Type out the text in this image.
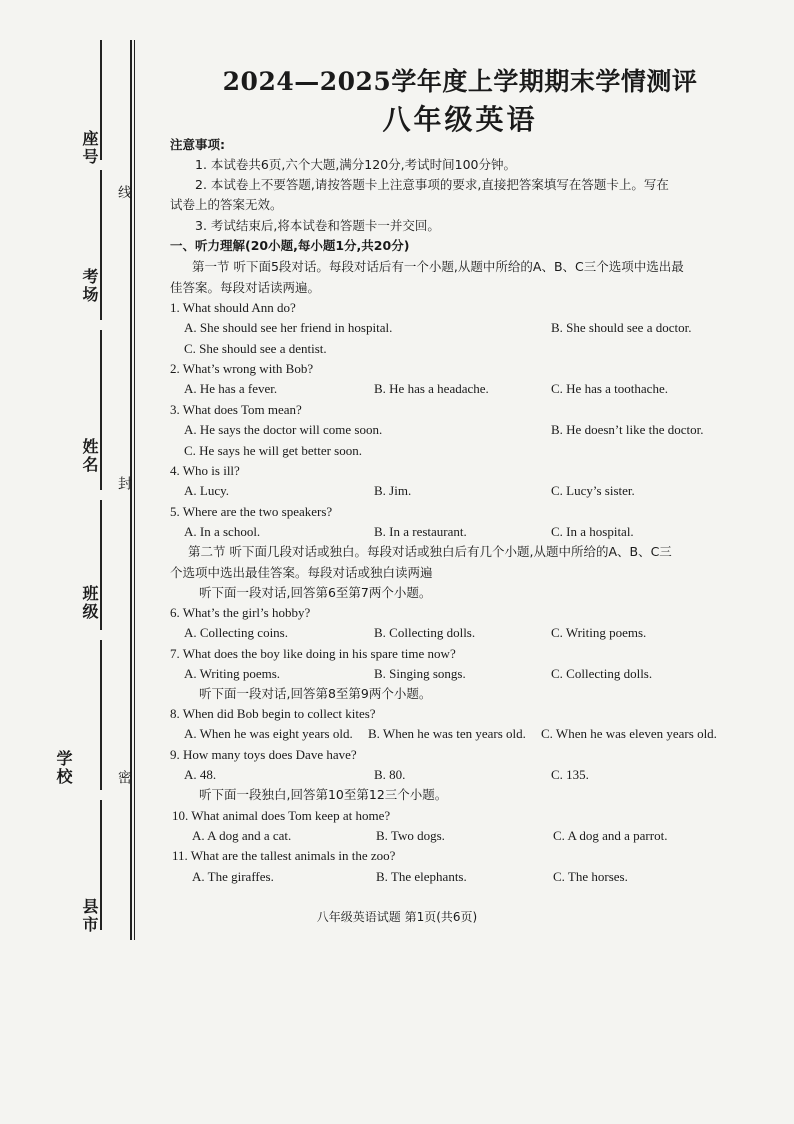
座号
考场
姓名
班级
学校
县市
线
封
密
2024—2025学年度上学期期末学情测评
八年级英语
注意事项:
1. 本试卷共6页,六个大题,满分120分,考试时间100分钟。
2. 本试卷上不要答题,请按答题卡上注意事项的要求,直接把答案填写在答题卡上。写在
试卷上的答案无效。
3. 考试结束后,将本试卷和答题卡一并交回。
一、听力理解(20小题,每小题1分,共20分)
第一节 听下面5段对话。每段对话后有一个小题,从题中所给的A、B、C三个选项中选出最
佳答案。每段对话读两遍。
1. What should Ann do?
A. She should see her friend in hospital.	B. She should see a doctor.
C. She should see a dentist.
2. What’s wrong with Bob?
A. He has a fever.	B. He has a headache.	C. He has a toothache.
3. What does Tom mean?
A. He says the doctor will come soon.	B. He doesn’t like the doctor.
C. He says he will get better soon.
4. Who is ill?
A. Lucy.	B. Jim.	C. Lucy’s sister.
5. Where are the two speakers?
A. In a school.	B. In a restaurant.	C. In a hospital.
第二节 听下面几段对话或独白。每段对话或独白后有几个小题,从题中所给的A、B、C三
个选项中选出最佳答案。每段对话或独白读两遍
听下面一段对话,回答第6至第7两个小题。
6. What’s the girl’s hobby?
A. Collecting coins.	B. Collecting dolls.	C. Writing poems.
7. What does the boy like doing in his spare time now?
A. Writing poems.	B. Singing songs.	C. Collecting dolls.
听下面一段对话,回答第8至第9两个小题。
8. When did Bob begin to collect kites?
A. When he was eight years old. B. When he was ten years old. C. When he was eleven years old.
9. How many toys does Dave have?
A. 48.	B. 80.	C. 135.
听下面一段独白,回答第10至第12三个小题。
10. What animal does Tom keep at home?
A. A dog and a cat.	B. Two dogs.	C. A dog and a parrot.
11. What are the tallest animals in the zoo?
A. The giraffes.	B. The elephants.	C. The horses.
八年级英语试题 第1页(共6页)
